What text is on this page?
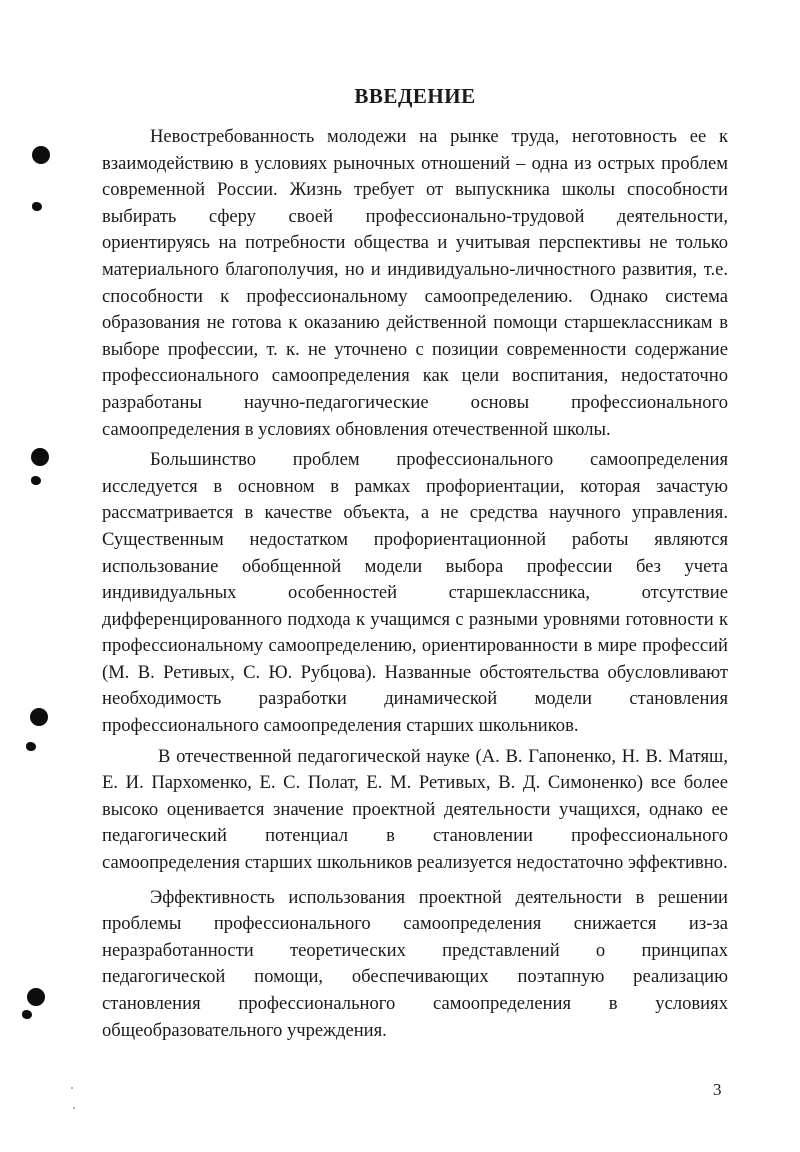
ВВЕДЕНИЕ

Невостребованность молодежи на рынке труда, неготовность ее к взаимодействию в условиях рыночных отношений – одна из острых проблем современной России. Жизнь требует от выпускника школы способности выбирать сферу своей профессионально-трудовой деятельности, ориентируясь на потребности общества и учитывая перспективы не только материального благополучия, но и индивидуально-личностного развития, т.е. способности к профессиональному самоопределению. Однако система образования не готова к оказанию действенной помощи старшеклассникам в выборе профессии, т. к. не уточнено с позиции современности содержание профессионального самоопределения как цели воспитания, недостаточно разработаны научно-педагогические основы профессионального самоопределения в условиях обновления отечественной школы.

Большинство проблем профессионального самоопределения исследуется в основном в рамках профориентации, которая зачастую рассматривается в качестве объекта, а не средства научного управления. Существенным недостатком профориентационной работы являются использование обобщенной модели выбора профессии без учета индивидуальных особенностей старшеклассника, отсутствие дифференцированного подхода к учащимся с разными уровнями готовности к профессиональному самоопределению, ориентированности в мире профессий (М. В. Ретивых, С. Ю. Рубцова). Названные обстоятельства обусловливают необходимость разработки динамической модели становления профессионального самоопределения старших школьников.

В отечественной педагогической науке (А. В. Гапоненко, Н. В. Матяш, Е. И. Пархоменко, Е. С. Полат, Е. М. Ретивых, В. Д. Симоненко) все более высоко оценивается значение проектной деятельности учащихся, однако ее педагогический потенциал в становлении профессионального самоопределения старших школьников реализуется недостаточно эффективно.

Эффективность использования проектной деятельности в решении проблемы профессионального самоопределения снижается из-за неразработанности теоретических представлений о принципах педагогической помощи, обеспечивающих поэтапную реализацию становления профессионального самоопределения в условиях общеобразовательного учреждения.

3
